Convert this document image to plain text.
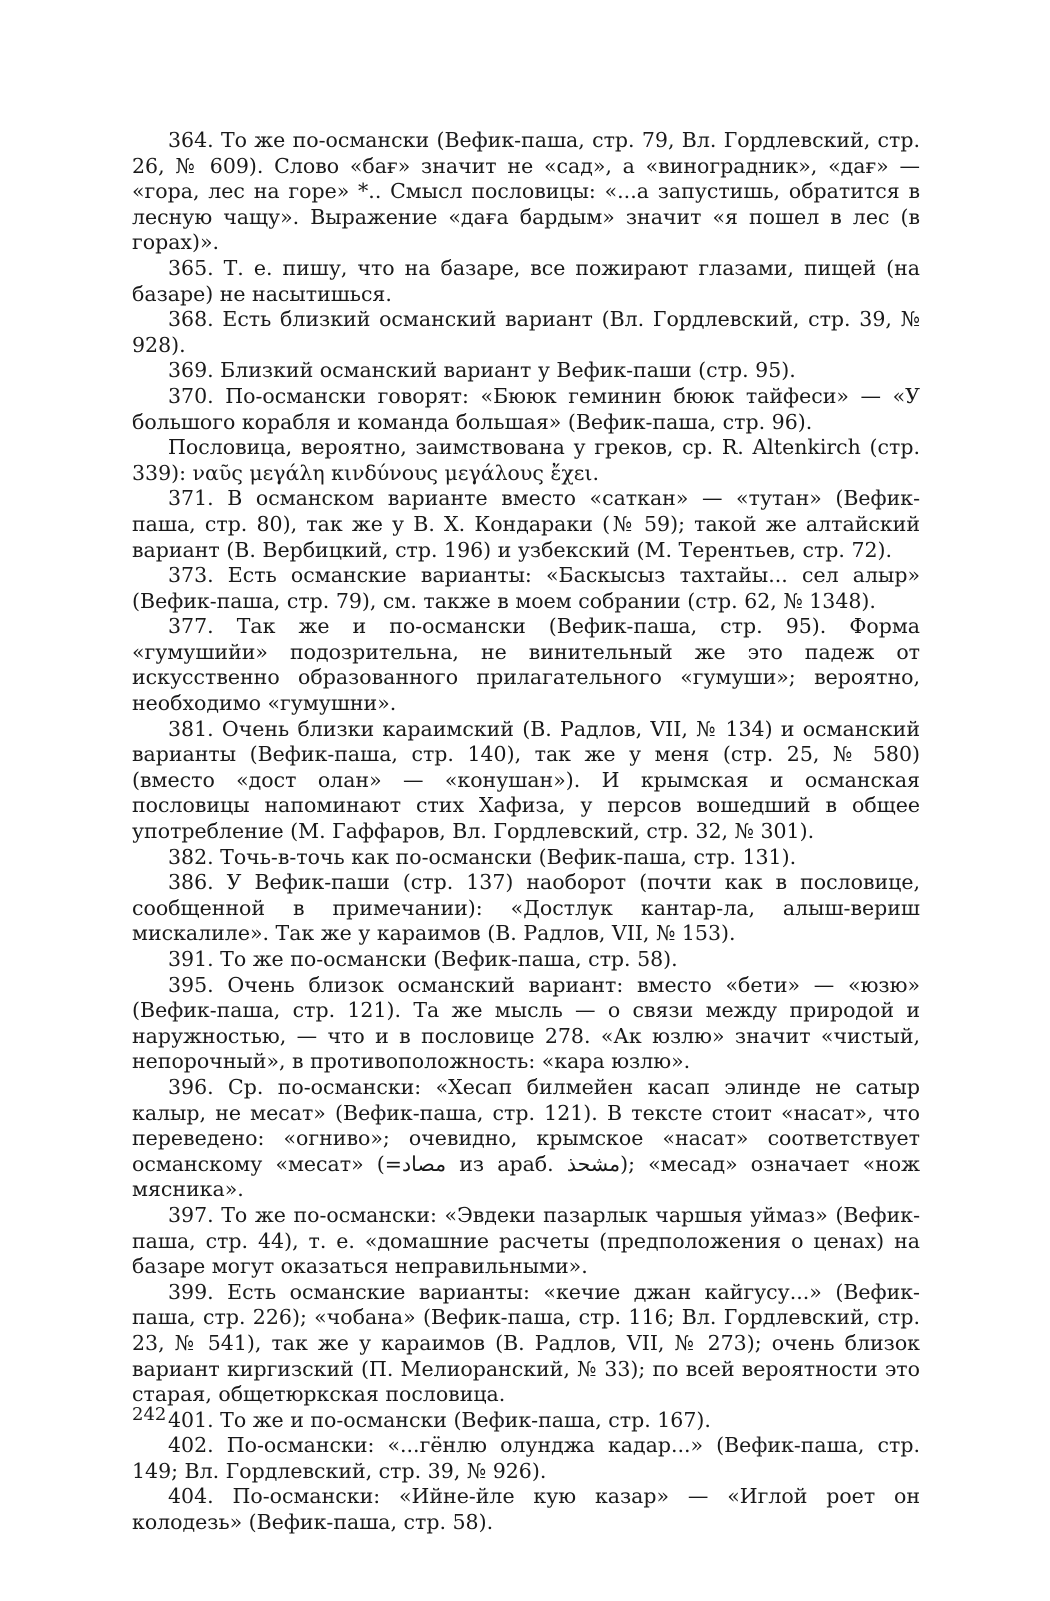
364. То же по-османски (Вефик-паша, стр. 79, Вл. Гордлевский, стр. 26, № 609). Слово «бағ» значит не «сад», а «виноградник», «дағ» — «гора, лес на горе» *.. Смысл пословицы: «...а запустишь, обратится в лесную чащу». Выражение «дағa бардым» значит «я пошел в лес (в горах)».

365. Т. е. пишу, что на базаре, все пожирают глазами, пищей (на базаре) не насытишься.

368. Есть близкий османский вариант (Вл. Гордлевский, стр. 39, № 928).

369. Близкий османский вариант у Вефик-паши (стр. 95).

370. По-османски говорят: «Бююк геминин бююк тайфеси» — «У большого корабля и команда большая» (Вефик-паша, стр. 96).

Пословица, вероятно, заимствована у греков, ср. R. Altenkirch (стр. 339): ναῦς μεγάλη κινδύνους μεγάλους ἔχει.

371. В османском варианте вместо «саткан» — «тутан» (Вефик-паша, стр. 80), так же у В. Х. Кондараки (№ 59); такой же алтайский вариант (В. Вербицкий, стр. 196) и узбекский (М. Терентьев, стр. 72).

373. Есть османские варианты: «Баскысыз тахтайы... сел алыр» (Вефик-паша, стр. 79), см. также в моем собрании (стр. 62, № 1348).

377. Так же и по-османски (Вефик-паша, стр. 95). Форма «гумушийи» подозрительна, не винительный же это падеж от искусственно образованного прилагательного «гумуши»; вероятно, необходимо «гумушни».

381. Очень близки караимский (В. Радлов, VII, № 134) и османский варианты (Вефик-паша, стр. 140), так же у меня (стр. 25, № 580) (вместо «дост олан» — «конушан»). И крымская и османская пословицы напоминают стих Хафиза, у персов вошедший в общее употребление (М. Гаффаров, Вл. Гордлевский, стр. 32, № 301).

382. Точь-в-точь как по-османски (Вефик-паша, стр. 131).

386. У Вефик-паши (стр. 137) наоборот (почти как в пословице, сообщенной в примечании): «Достлук кантар-ла, алыш-вериш мискалиле». Так же у караимов (В. Радлов, VII, № 153).

391. То же по-османски (Вефик-паша, стр. 58).

395. Очень близок османский вариант: вместо «бети» — «юзю» (Вефик-паша, стр. 121). Та же мысль — о связи между природой и наружностью, — что и в пословице 278. «Ак юзлю» значит «чистый, непорочный», в противоположность: «кара юзлю».

396. Ср. по-османски: «Хесап билмейен касап элинде не сатыр калыр, не месат» (Вефик-паша, стр. 121). В тексте стоит «насат», что переведено: «огниво»; очевидно, крымское «насат» соответствует османскому «месат» (=مصاد из араб. مشحذ); «месад» означает «нож мясника».

397. То же по-османски: «Эвдеки пазарлык чаршыя уймаз» (Вефик-паша, стр. 44), т. е. «домашние расчеты (предположения о ценах) на базаре могут оказаться неправильными».

399. Есть османские варианты: «кечие джан кайгусу...» (Вефик-паша, стр. 226); «чобана» (Вефик-паша, стр. 116; Вл. Гордлевский, стр. 23, № 541), так же у караимов (В. Радлов, VII, № 273); очень близок вариант киргизский (П. Мелиоранский, № 33); по всей вероятности это старая, общетюркская пословица.

401. То же и по-османски (Вефик-паша, стр. 167).

402. По-османски: «...гёнлю олунджа кадар...» (Вефик-паша, стр. 149; Вл. Гордлевский, стр. 39, № 926).

404. По-османски: «Ийне-йле кую казар» — «Иглой роет он колодезь» (Вефик-паша, стр. 58).

242
